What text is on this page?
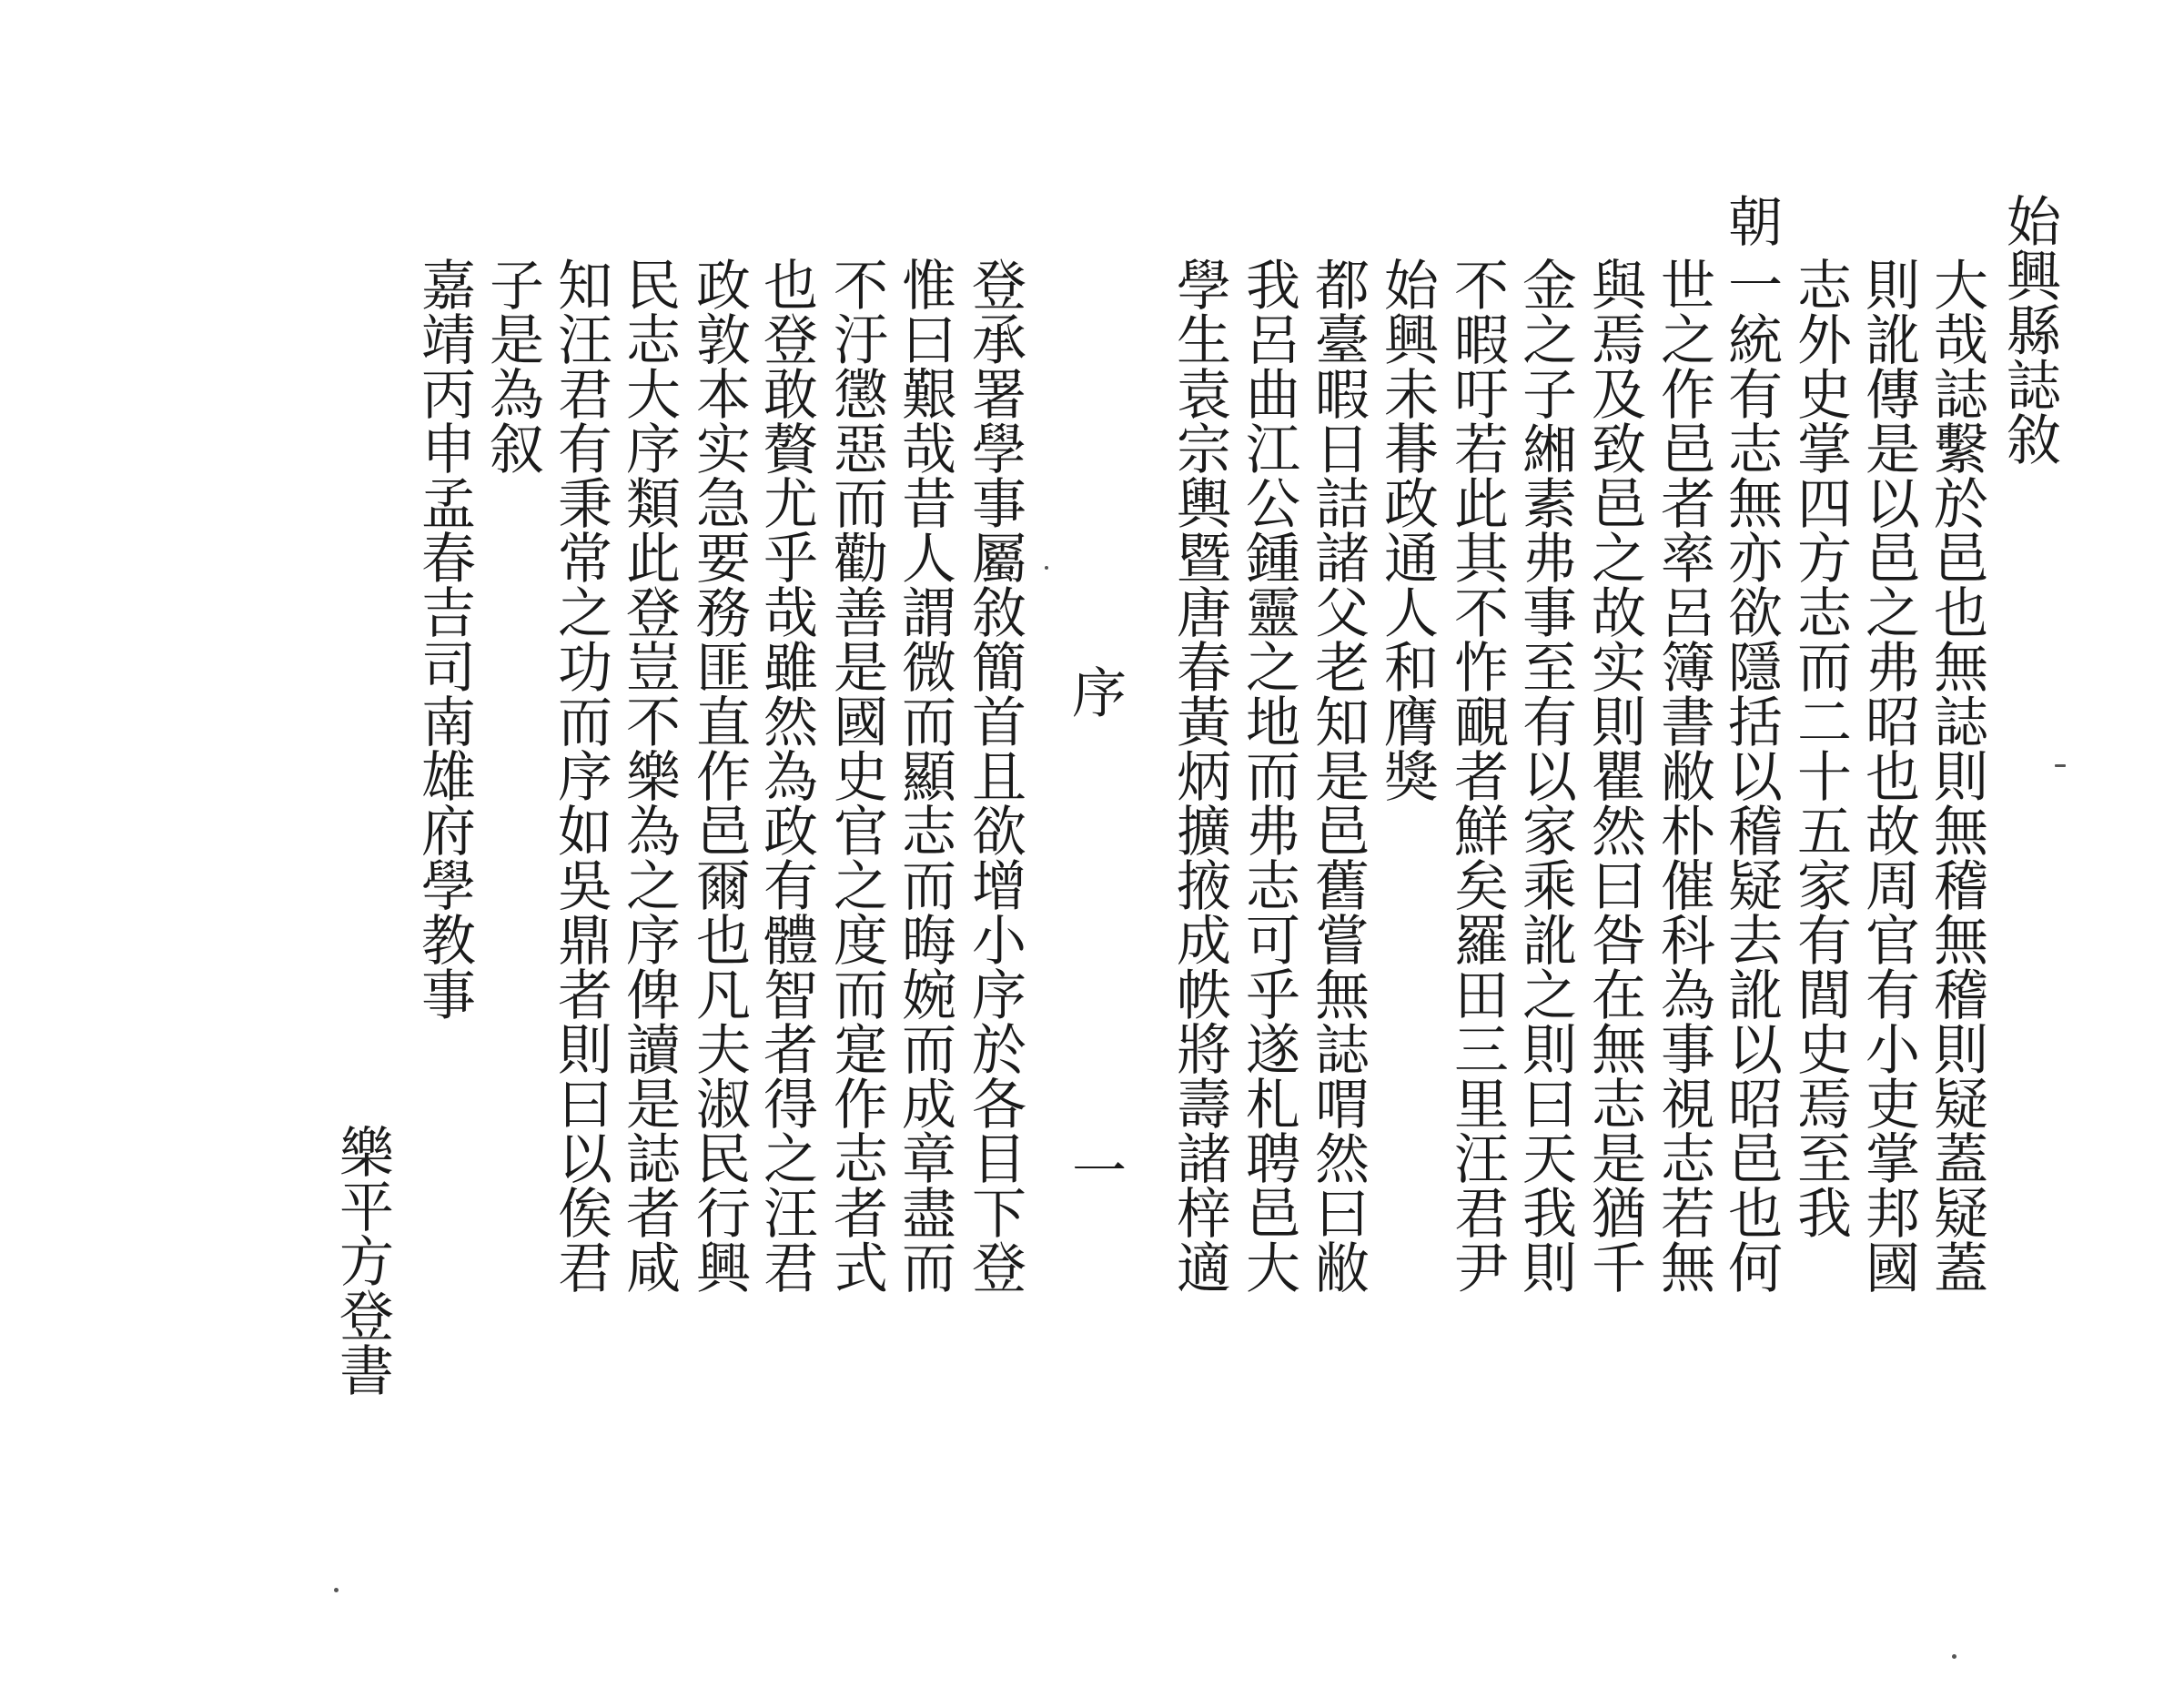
始興縣誌敘
大哉誌繫於邑也無誌則無稽無稽則疑蓋疑蓋
則訛傳是以邑之弗昭也故周官有小吏掌邦國
志外史掌四方志而二十五家有閭史焉至我
朝
一統有志無亦欲隱括以稽疑去訛以昭邑也何
世之作邑者率呂簿書敝朴催科為事視志若無
與焉及致邑之故实則瞿然曰咎在無志是猶千
金之子緗素弗事至有以家乘訛之則曰天我則
不暇吁若此其不怍靦者鮮矣羅田三里汪君尹
始興未朞政通人和膺獎
都臺暇日詰諸父老知是邑舊嘗無誌喟然曰敝
我呂曲江公鍾靈之地而弗志可乎遂札聘邑大
學生袁宗輿暨唐春黃炳擴掖成帙將壽諸梓適
序
一
登承署學事屬敘簡首且欲增小序於各目下登
惟曰艱哉昔人謂微而顯志而晦婉而成章盡而
不汙懲惡而勸善是國史官之度而寔作志者式
也登敢贅尤乎哉雖然為政有體智者得之汪君
政敦本实急要務匪直作邑爾也凡夫淑民行興
民志大序類此登豈不樂為之序俾讀是誌者咸
知汪君有秉常之功而序如吳鼎者則曰以俟君
子是為叙
嘉靖丙申孟春吉司南雄府學教事
樂平方登書
